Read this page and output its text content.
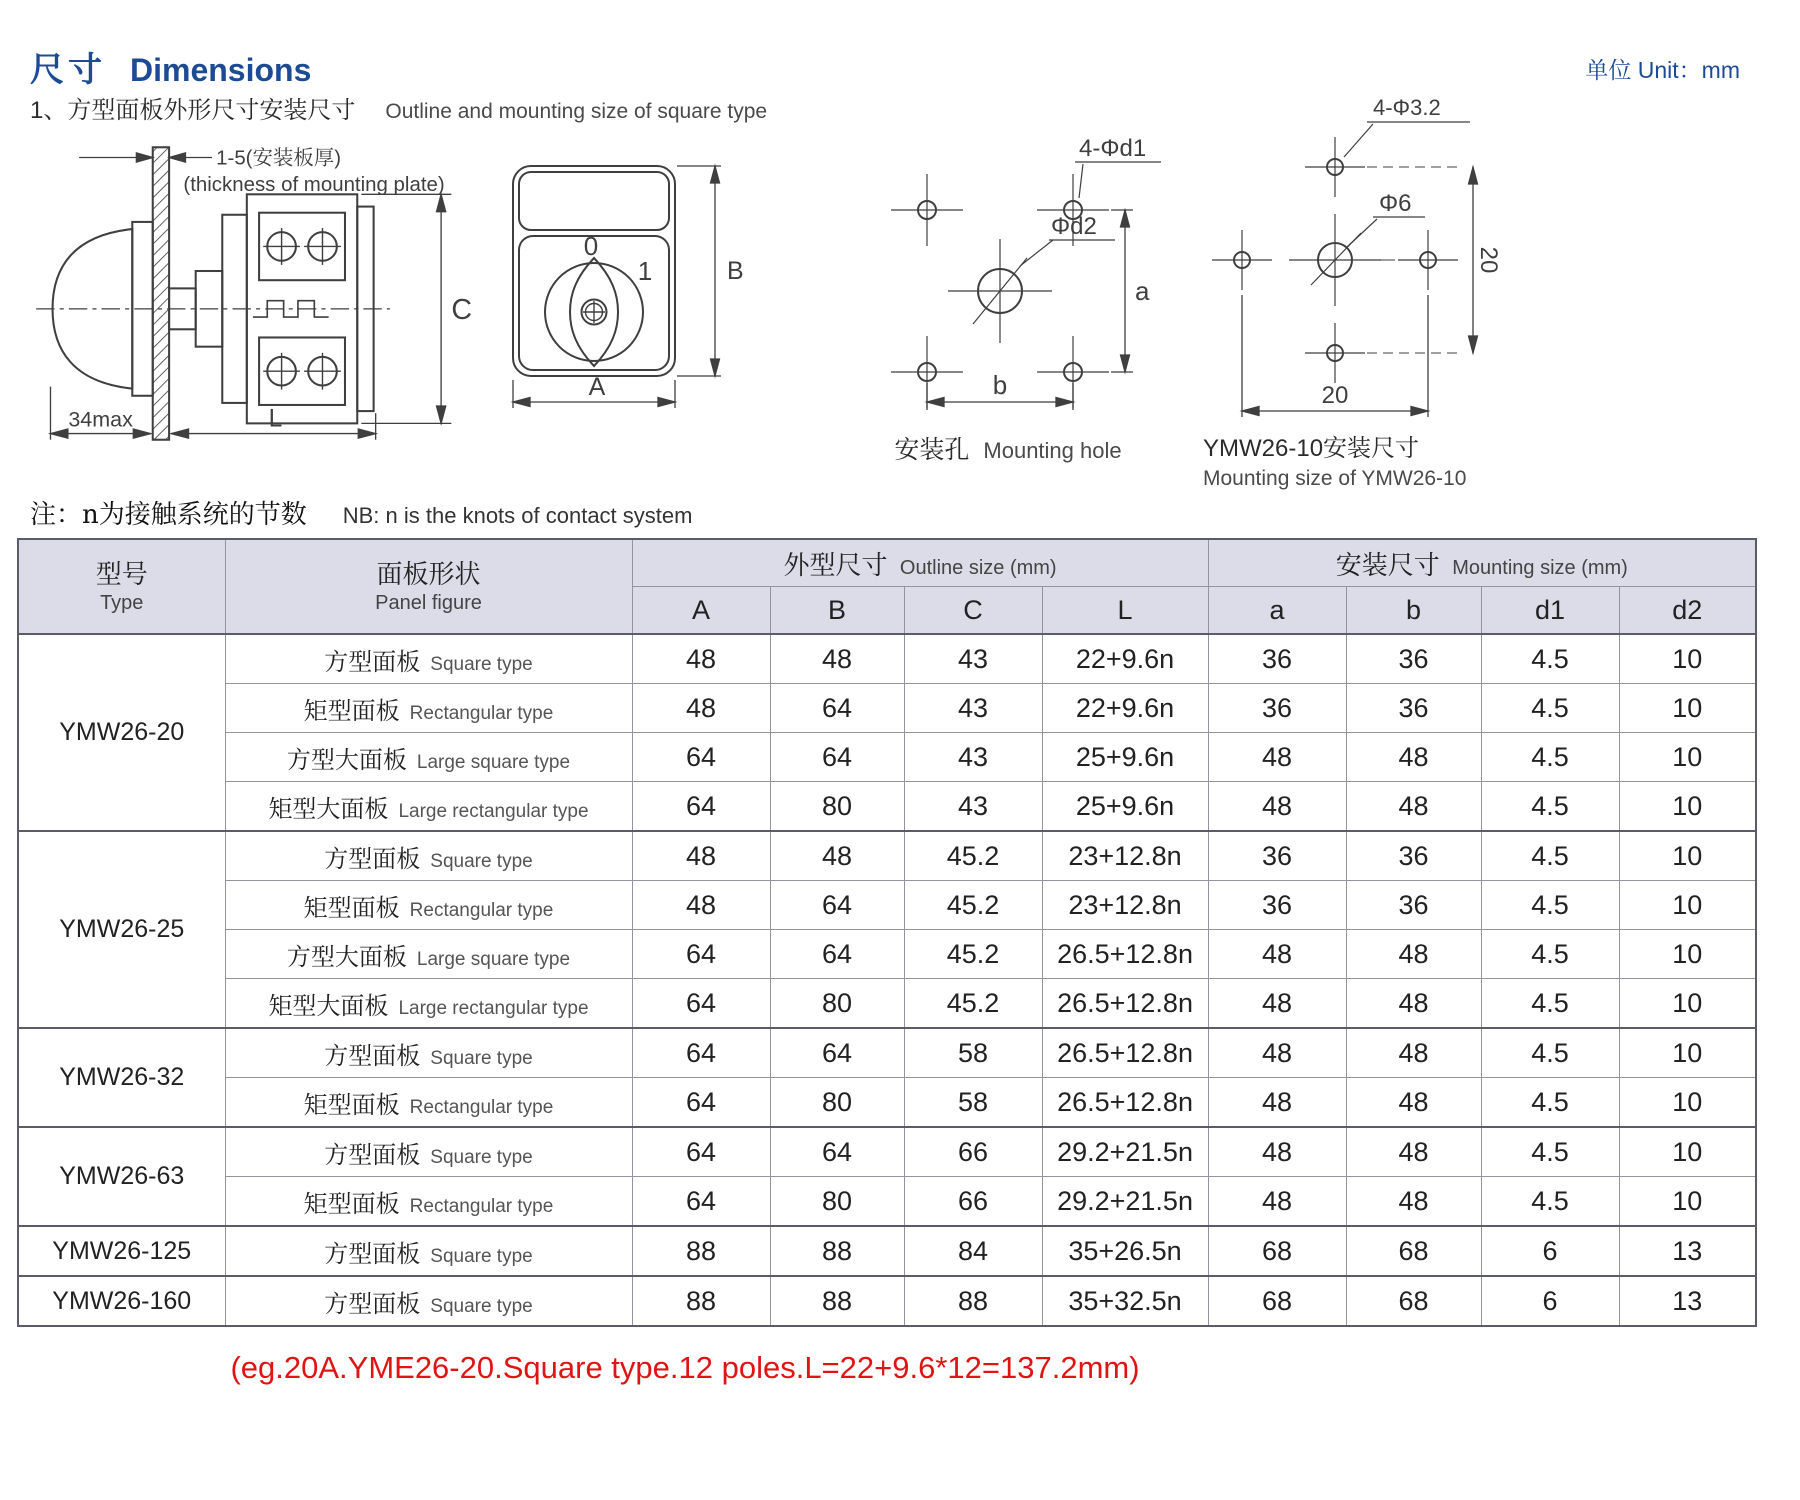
尺寸 Dimensions	单位 Unit：mm
1、方型面板外形尺寸安装尺寸 Outline and mounting size of square type
1-5(安装板厚)
(thickness of mounting plate)
C
34max	L
0
1	B
A
4-Φd1
Φd2
a
b
安装孔 Mounting hole
4-Φ3.2
Φ6
20
20
YMW26-10安装尺寸
Mounting size of YMW26-10
注：n为接触系统的节数 NB: n is the knots of contact system
型号
Type	面板形状
Panel figure	外型尺寸 Outline size (mm)				安装尺寸 Mounting size (mm)			
		A	B	C	L	a	b	d1	d2
YMW26-20	方型面板 Square type	48	48	43	22+9.6n	36	36	4.5	10
	矩型面板 Rectangular type	48	64	43	22+9.6n	36	36	4.5	10
	方型大面板 Large square type	64	64	43	25+9.6n	48	48	4.5	10
	矩型大面板 Large rectangular type	64	80	43	25+9.6n	48	48	4.5	10
YMW26-25	方型面板 Square type	48	48	45.2	23+12.8n	36	36	4.5	10
	矩型面板 Rectangular type	48	64	45.2	23+12.8n	36	36	4.5	10
	方型大面板 Large square type	64	64	45.2	26.5+12.8n	48	48	4.5	10
	矩型大面板 Large rectangular type	64	80	45.2	26.5+12.8n	48	48	4.5	10
YMW26-32	方型面板 Square type	64	64	58	26.5+12.8n	48	48	4.5	10
	矩型面板 Rectangular type	64	80	58	26.5+12.8n	48	48	4.5	10
YMW26-63	方型面板 Square type	64	64	66	29.2+21.5n	48	48	4.5	10
	矩型面板 Rectangular type	64	80	66	29.2+21.5n	48	48	4.5	10
YMW26-125	方型面板 Square type	88	88	84	35+26.5n	68	68	6	13
YMW26-160	方型面板 Square type	88	88	88	35+32.5n	68	68	6	13
(eg.20A.YME26-20.Square type.12 poles.L=22+9.6*12=137.2mm)
